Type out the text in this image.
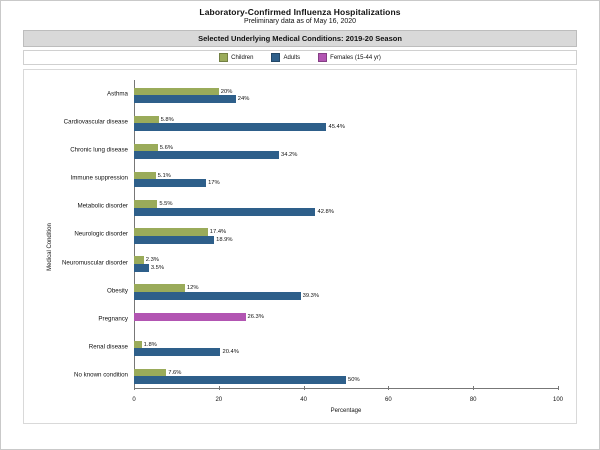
Laboratory-Confirmed Influenza Hospitalizations
Preliminary data as of May 16, 2020
Selected Underlying Medical Conditions: 2019-20 Season
Children	Adults	Females (15-44 yr)
Medical Condition
Percentage
0	20	40	60	80	100
Asthma	20%
24%
Cardiovascular disease	5.8%
45.4%
Chronic lung disease	5.6%
34.2%
Immune suppression	5.1%
17%
Metabolic disorder	5.5%
42.8%
Neurologic disorder	17.4%
18.9%
Neuromuscular disorder	2.3%
3.5%
Obesity	12%
39.3%
Pregnancy	26.3%
Renal disease	1.8%
20.4%
No known condition	7.6%
50%
